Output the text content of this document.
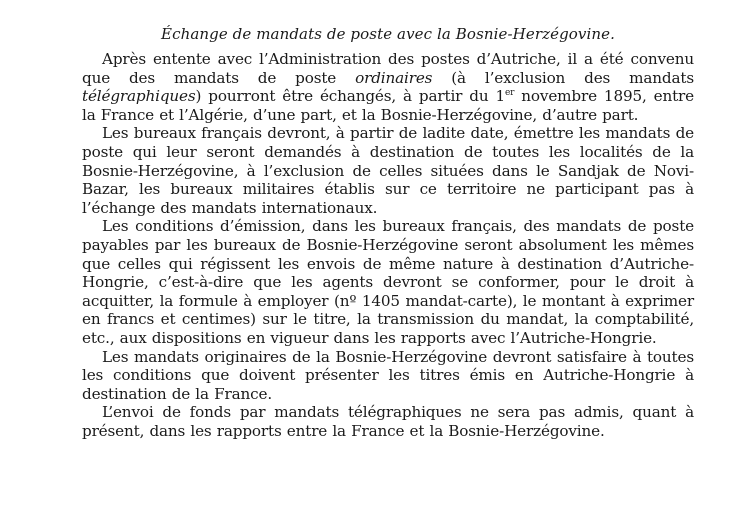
Échange de mandats de poste avec la Bosnie-Herzégovine.

Après entente avec l’Administration des postes d’Autriche, il a été convenu que des mandats de poste ordinaires (à l’exclusion des mandats télégraphiques) pourront être échangés, à partir du 1er novembre 1895, entre la France et l’Algérie, d’une part, et la Bosnie-Herzégovine, d’autre part.

Les bureaux français devront, à partir de ladite date, émettre les mandats de poste qui leur seront demandés à destination de toutes les localités de la Bosnie-Herzégovine, à l’exclusion de celles situées dans le Sandjak de Novi-Bazar, les bureaux militaires établis sur ce territoire ne participant pas à l’échange des mandats internationaux.

Les conditions d’émission, dans les bureaux français, des mandats de poste payables par les bureaux de Bosnie-Herzégovine seront absolument les mêmes que celles qui régissent les envois de même nature à destination d’Autriche-Hongrie, c’est-à-dire que les agents devront se conformer, pour le droit à acquitter, la formule à employer (nº 1405 mandat-carte), le montant à exprimer en francs et centimes) sur le titre, la transmission du mandat, la comptabilité, etc., aux dispositions en vigueur dans les rapports avec l’Autriche-Hongrie.

Les mandats originaires de la Bosnie-Herzégovine devront satisfaire à toutes les conditions que doivent présenter les titres émis en Autriche-Hongrie à destination de la France.

L’envoi de fonds par mandats télégraphiques ne sera pas admis, quant à présent, dans les rapports entre la France et la Bosnie-Herzégovine.
